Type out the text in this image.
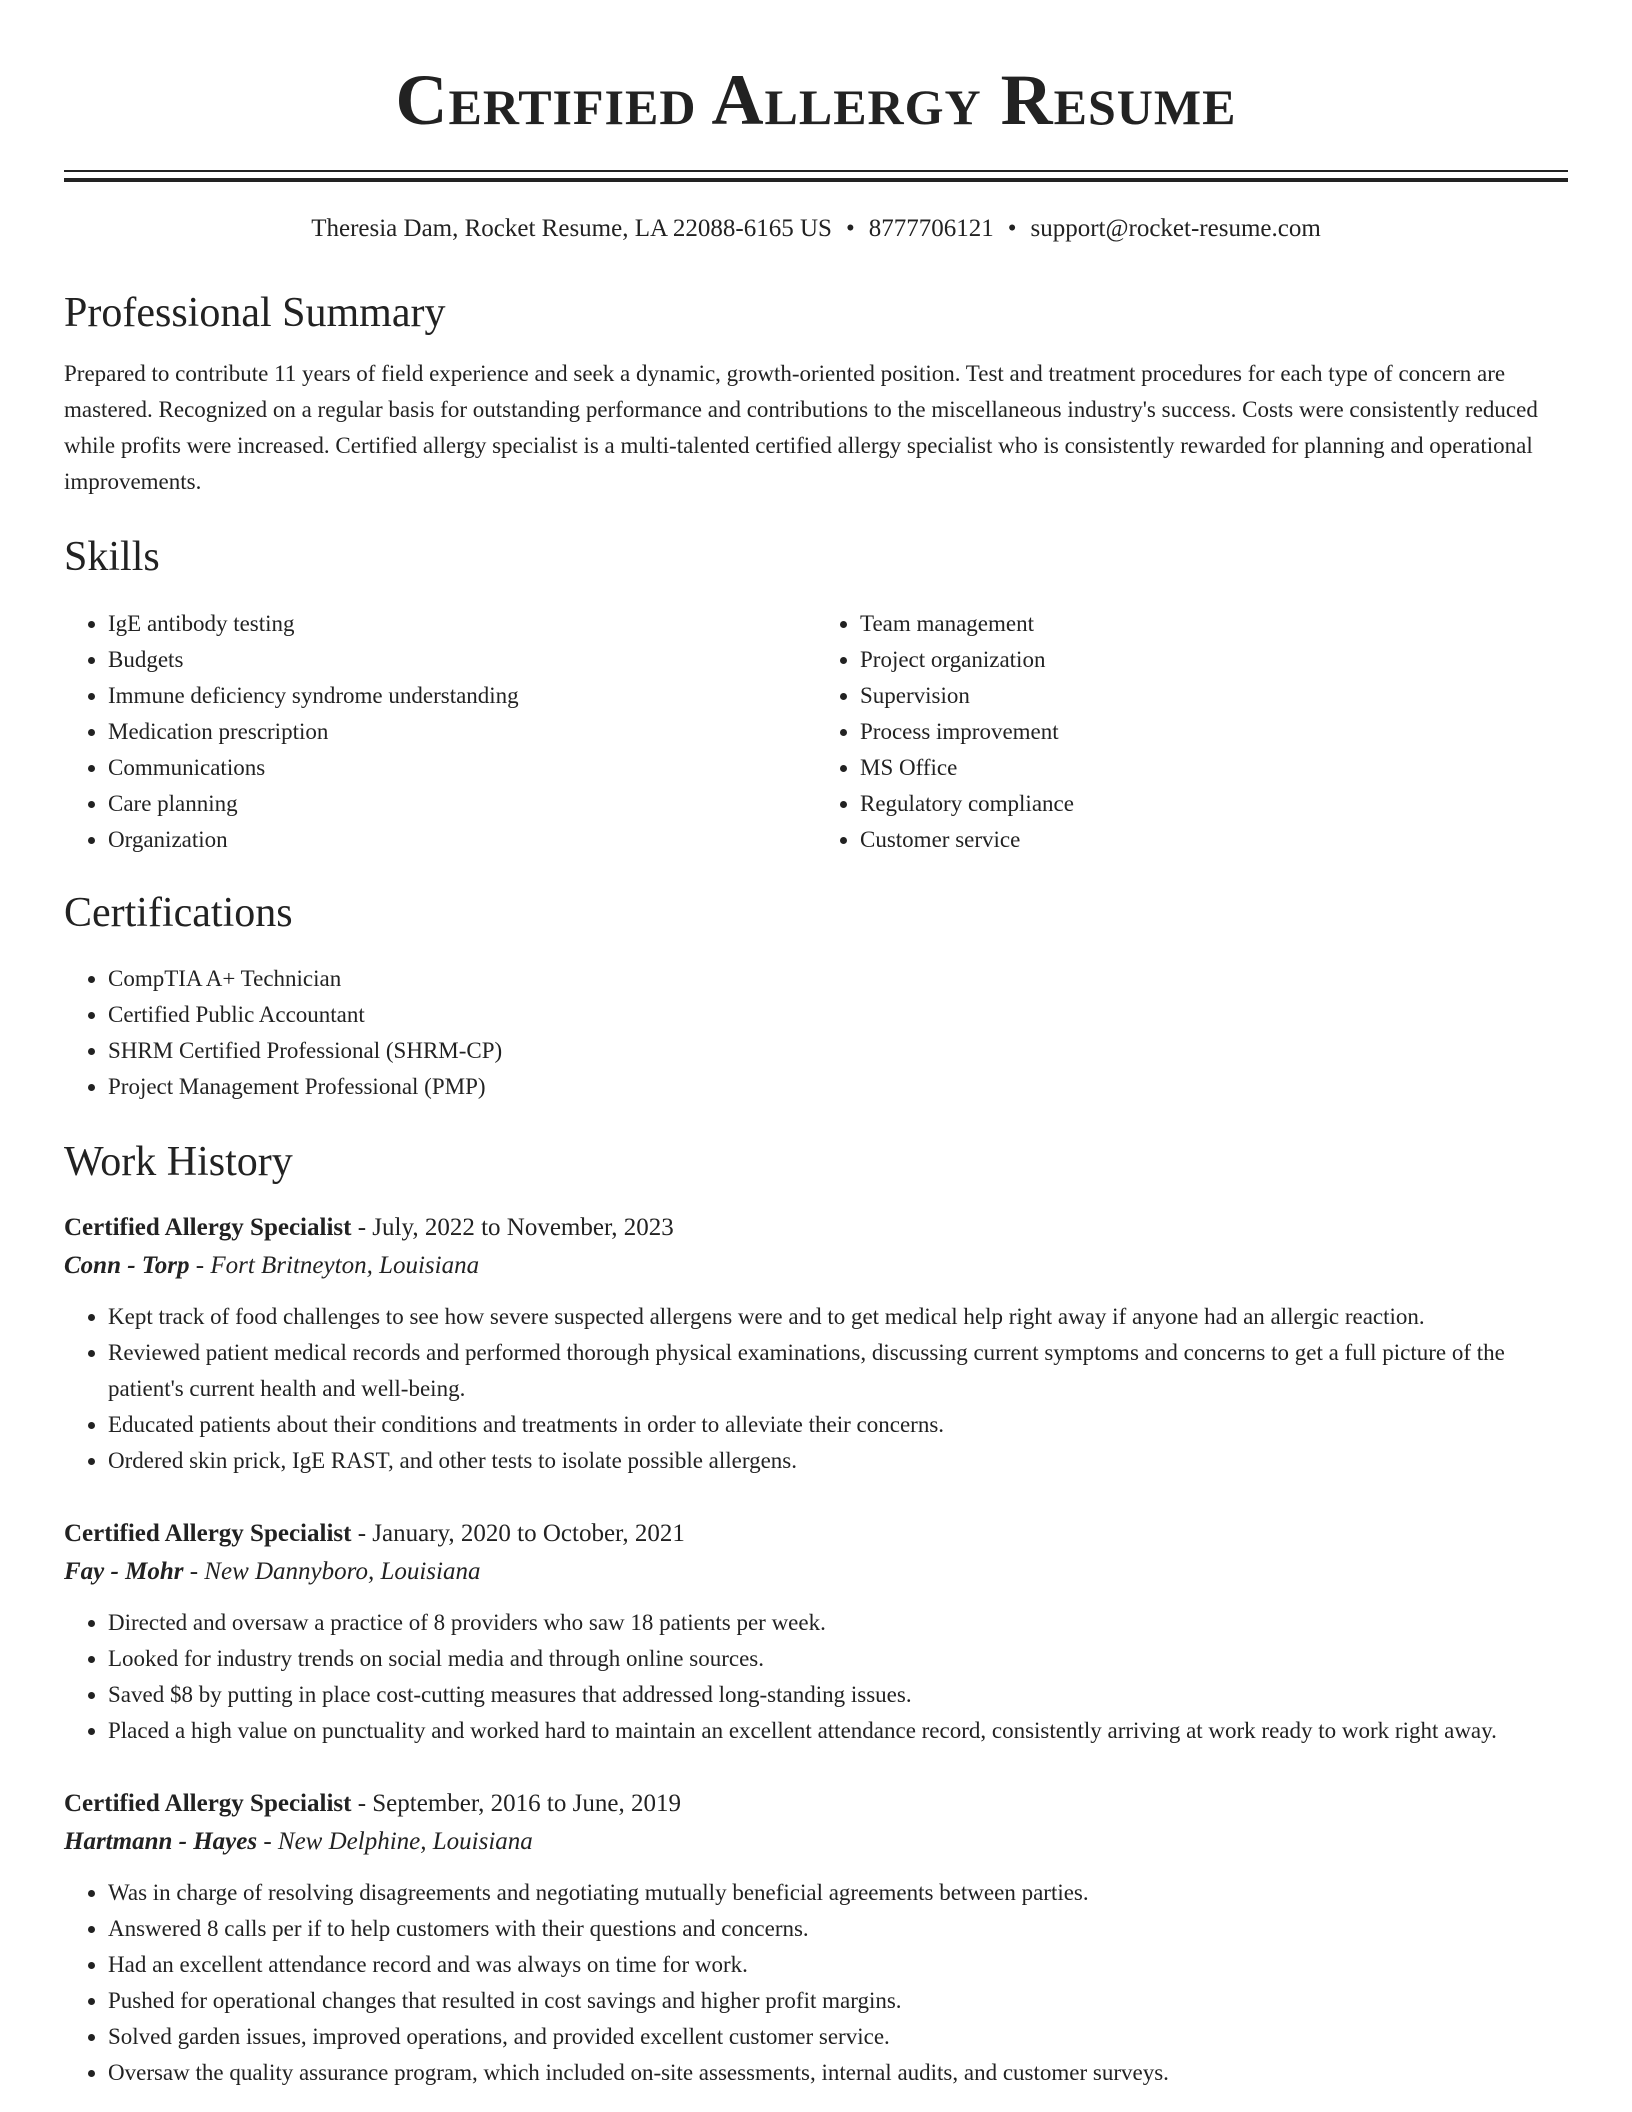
Certified Allergy Resume
Theresia Dam, Rocket Resume, LA 22088-6165 US • 8777706121 • support@rocket-resume.com
Professional Summary

Prepared to contribute 11 years of field experience and seek a dynamic, growth-oriented position. Test and treatment procedures for each type of concern are mastered. Recognized on a regular basis for outstanding performance and contributions to the miscellaneous industry's success. Costs were consistently reduced while profits were increased. Certified allergy specialist is a multi-talented certified allergy specialist who is consistently rewarded for planning and operational improvements.

Skills
• IgE antibody testing
• Budgets
• Immune deficiency syndrome understanding
• Medication prescription
• Communications
• Care planning
• Organization
• Team management
• Project organization
• Supervision
• Process improvement
• MS Office
• Regulatory compliance
• Customer service
Certifications
• CompTIA A+ Technician
• Certified Public Accountant
• SHRM Certified Professional (SHRM-CP)
• Project Management Professional (PMP)
Work History
Certified Allergy Specialist - July, 2022 to November, 2023
Conn - Torp - Fort Britneyton, Louisiana
• Kept track of food challenges to see how severe suspected allergens were and to get medical help right away if anyone had an allergic reaction.
• Reviewed patient medical records and performed thorough physical examinations, discussing current symptoms and concerns to get a full picture of the patient's current health and well-being.
• Educated patients about their conditions and treatments in order to alleviate their concerns.
• Ordered skin prick, IgE RAST, and other tests to isolate possible allergens.
Certified Allergy Specialist - January, 2020 to October, 2021
Fay - Mohr - New Dannyboro, Louisiana
• Directed and oversaw a practice of 8 providers who saw 18 patients per week.
• Looked for industry trends on social media and through online sources.
• Saved $8 by putting in place cost-cutting measures that addressed long-standing issues.
• Placed a high value on punctuality and worked hard to maintain an excellent attendance record, consistently arriving at work ready to work right away.
Certified Allergy Specialist - September, 2016 to June, 2019
Hartmann - Hayes - New Delphine, Louisiana
• Was in charge of resolving disagreements and negotiating mutually beneficial agreements between parties.
• Answered 8 calls per if to help customers with their questions and concerns.
• Had an excellent attendance record and was always on time for work.
• Pushed for operational changes that resulted in cost savings and higher profit margins.
• Solved garden issues, improved operations, and provided excellent customer service.
• Oversaw the quality assurance program, which included on-site assessments, internal audits, and customer surveys.
